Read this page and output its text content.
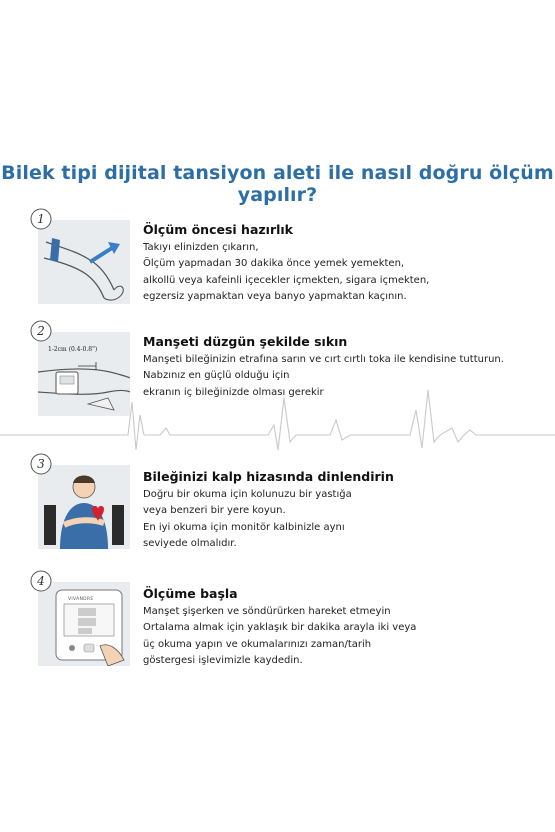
Bilek tipi dijital tansiyon aleti ile nasıl doğru ölçüm yapılır?
1
Ölçüm öncesi hazırlık
Takıyı elinizden çıkarın,
Ölçüm yapmadan 30 dakika önce yemek yemekten,
alkollü veya kafeinli içecekler içmekten, sigara içmekten,
egzersiz yapmaktan veya banyo yapmaktan kaçının.
1-2cm (0.4-0.8")
2
Manşeti düzgün şekilde sıkın
Manşeti bileğinizin etrafına sarın ve cırt cırtlı toka ile kendisine tutturun.
Nabzınız en güçlü olduğu için
ekranın iç bileğinizde olması gerekir
3
Bileğinizi kalp hizasında dinlendirin
Doğru bir okuma için kolunuzu bir yastığa
veya benzeri bir yere koyun.
En iyi okuma için monitör kalbinizle aynı
seviyede olmalıdır.
VIVANDRE
4
Ölçüme başla
Manşet şişerken ve söndürürken hareket etmeyin
Ortalama almak için yaklaşık bir dakika arayla iki veya
üç okuma yapın ve okumalarınızı zaman/tarih
göstergesi işlevimizle kaydedin.
